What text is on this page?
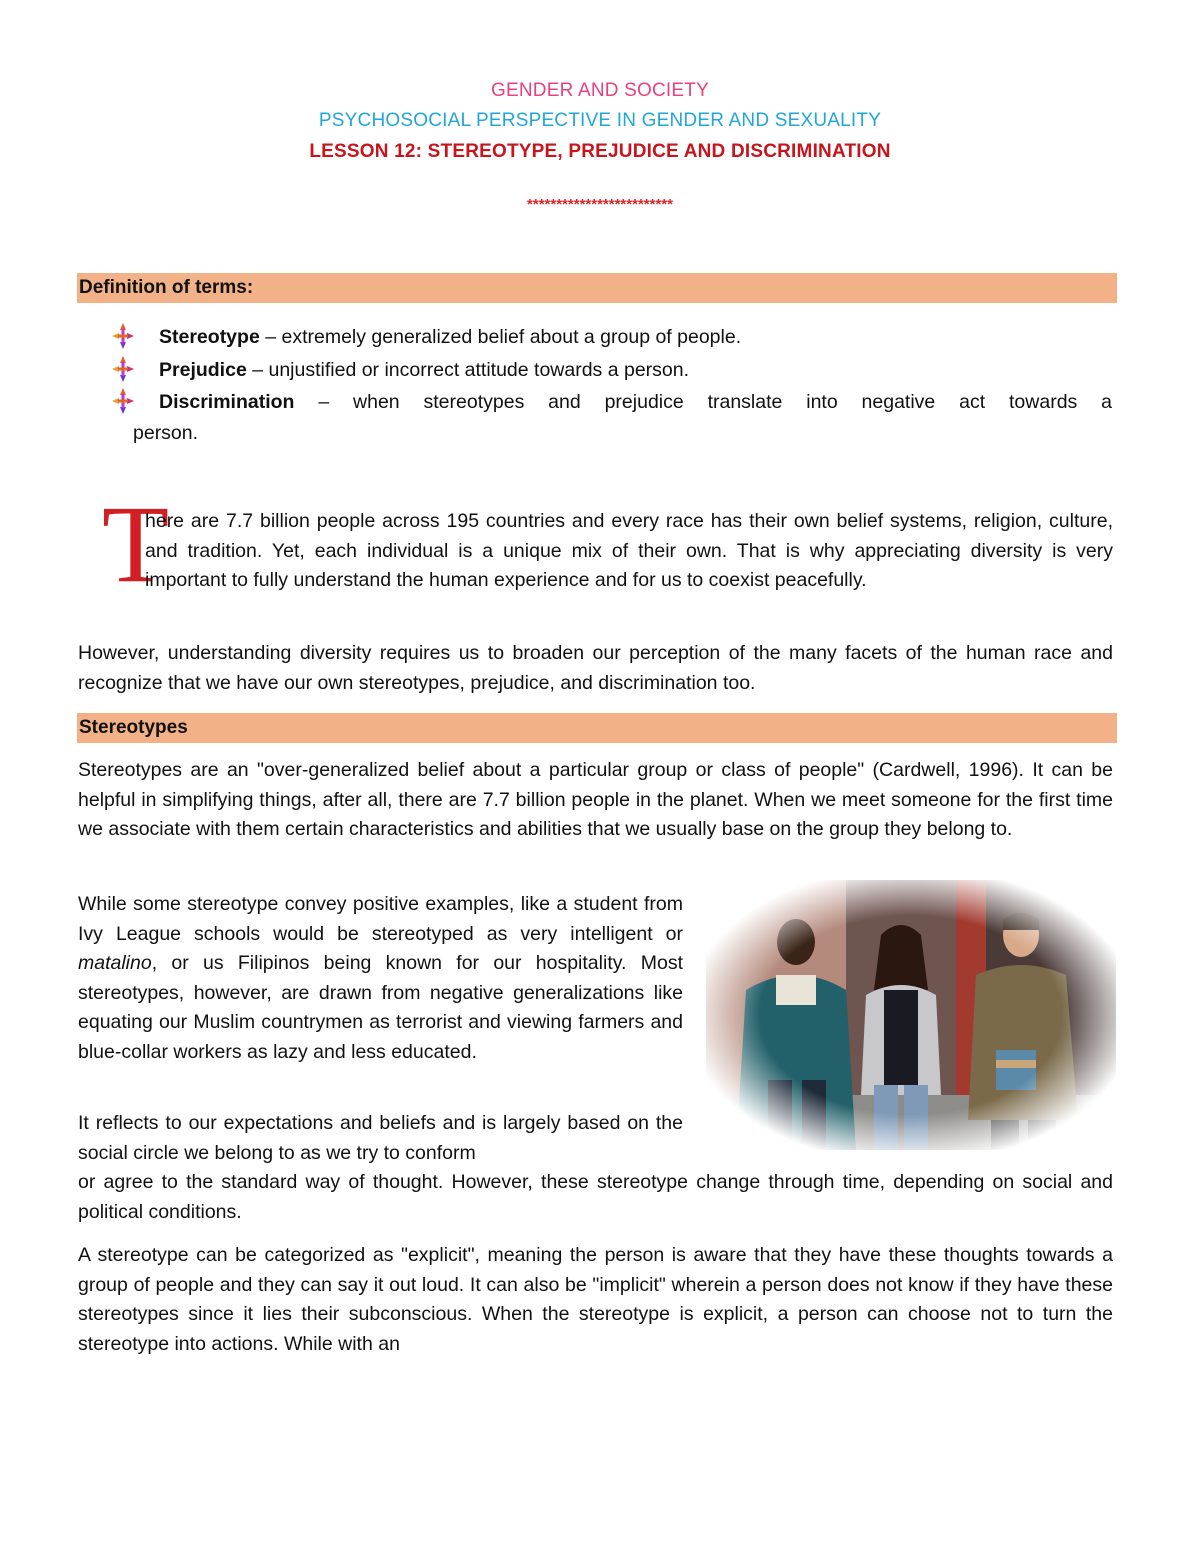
GENDER AND SOCIETY
PSYCHOSOCIAL PERSPECTIVE IN GENDER AND SEXUALITY
LESSON 12: STEREOTYPE, PREJUDICE AND DISCRIMINATION
*************************
Definition of terms:
Stereotype – extremely generalized belief about a group of people.
Prejudice – unjustified or incorrect attitude towards a person.
Discrimination – when stereotypes and prejudice translate into negative act towards a
person.
T
here are 7.7 billion people across 195 countries and every race has their own belief systems, religion, culture, and tradition. Yet, each individual is a unique mix of their own. That is why appreciating diversity is very important to fully understand the human experience and for us to coexist peacefully.
However, understanding diversity requires us to broaden our perception of the many facets of the human race and recognize that we have our own stereotypes, prejudice, and discrimination too.
Stereotypes
Stereotypes are an "over-generalized belief about a particular group or class of people" (Cardwell, 1996). It can be helpful in simplifying things, after all, there are 7.7 billion people in the planet. When we meet someone for the first time we associate with them certain characteristics and abilities that we usually base on the group they belong to.
While some stereotype convey positive examples, like a student from Ivy League schools would be stereotyped as very intelligent or matalino, or us Filipinos being known for our hospitality. Most stereotypes, however, are drawn from negative generalizations like equating our Muslim countrymen as terrorist and viewing farmers and blue-collar workers as lazy and less educated.
It reflects to our expectations and beliefs and is largely based on the social circle we belong to as we try to conform
or agree to the standard way of thought. However, these stereotype change through time, depending on social and political conditions.
A stereotype can be categorized as "explicit", meaning the person is aware that they have these thoughts towards a group of people and they can say it out loud. It can also be "implicit" wherein a person does not know if they have these stereotypes since it lies their subconscious. When the stereotype is explicit, a person can choose not to turn the stereotype into actions. While with an
